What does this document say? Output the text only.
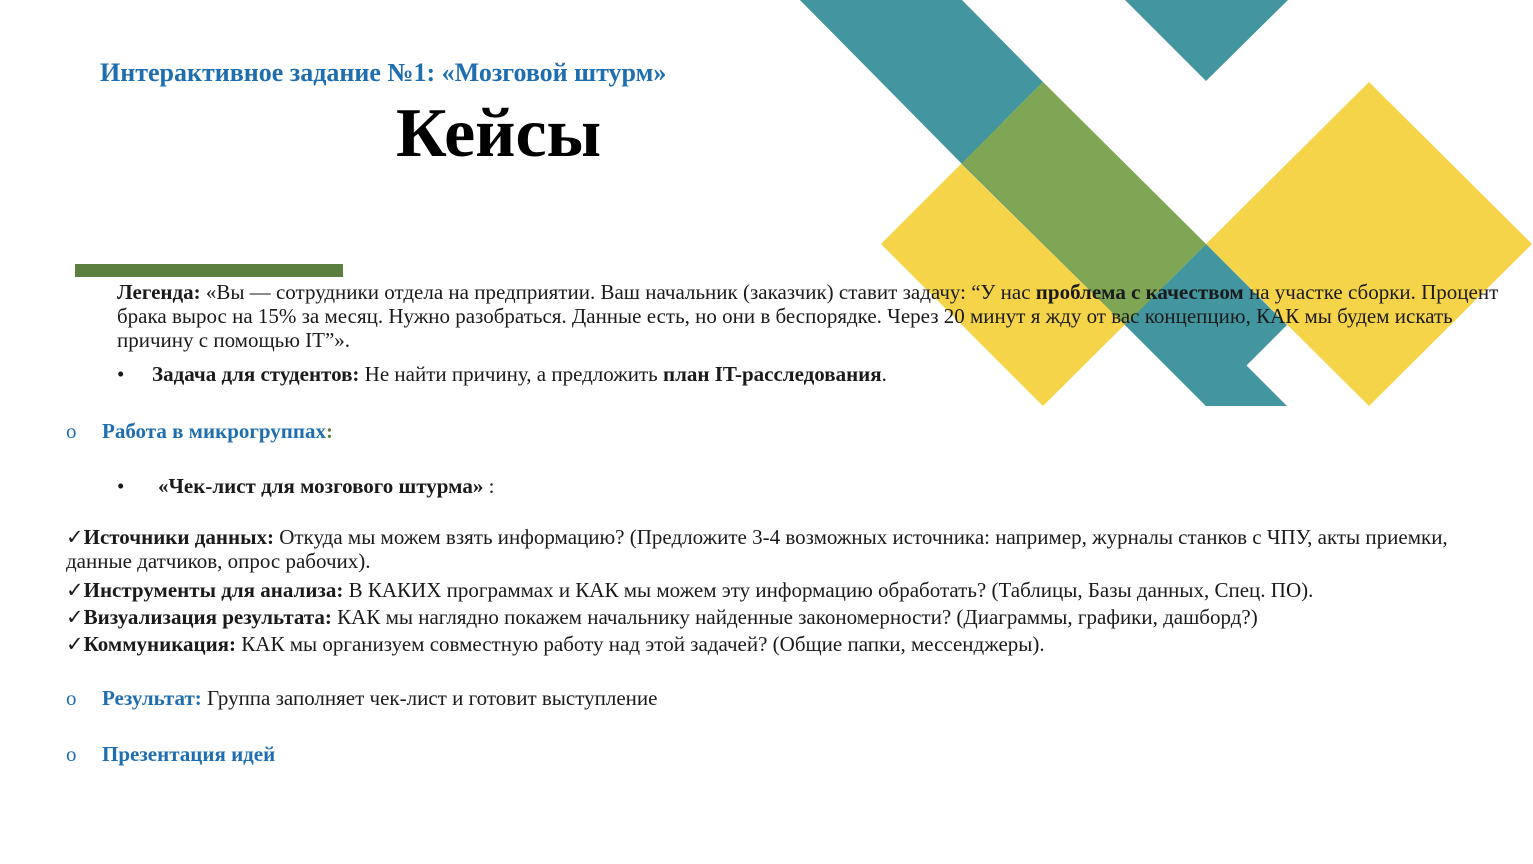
Интерактивное задание №1: «Мозговой штурм»
Кейсы
Легенда: «Вы — сотрудники отдела на предприятии. Ваш начальник (заказчик) ставит задачу: “У нас проблема с качеством на участке сборки. Процент брака вырос на 15% за месяц. Нужно разобраться. Данные есть, но они в беспорядке. Через 20 минут я жду от вас концепцию, КАК мы будем искать причину с помощью IT”».
• Задача для студентов: Не найти причину, а предложить план IT-расследования.
o Работа в микрогруппах:
• «Чек-лист для мозгового штурма» :
✓Источники данных: Откуда мы можем взять информацию? (Предложите 3-4 возможных источника: например, журналы станков с ЧПУ, акты приемки, данные датчиков, опрос рабочих).
✓Инструменты для анализа: В КАКИХ программах и КАК мы можем эту информацию обработать? (Таблицы, Базы данных, Спец. ПО).
✓Визуализация результата: КАК мы наглядно покажем начальнику найденные закономерности? (Диаграммы, графики, дашборд?)
✓Коммуникация: КАК мы организуем совместную работу над этой задачей? (Общие папки, мессенджеры).
o Результат: Группа заполняет чек-лист и готовит выступление
o Презентация идей
